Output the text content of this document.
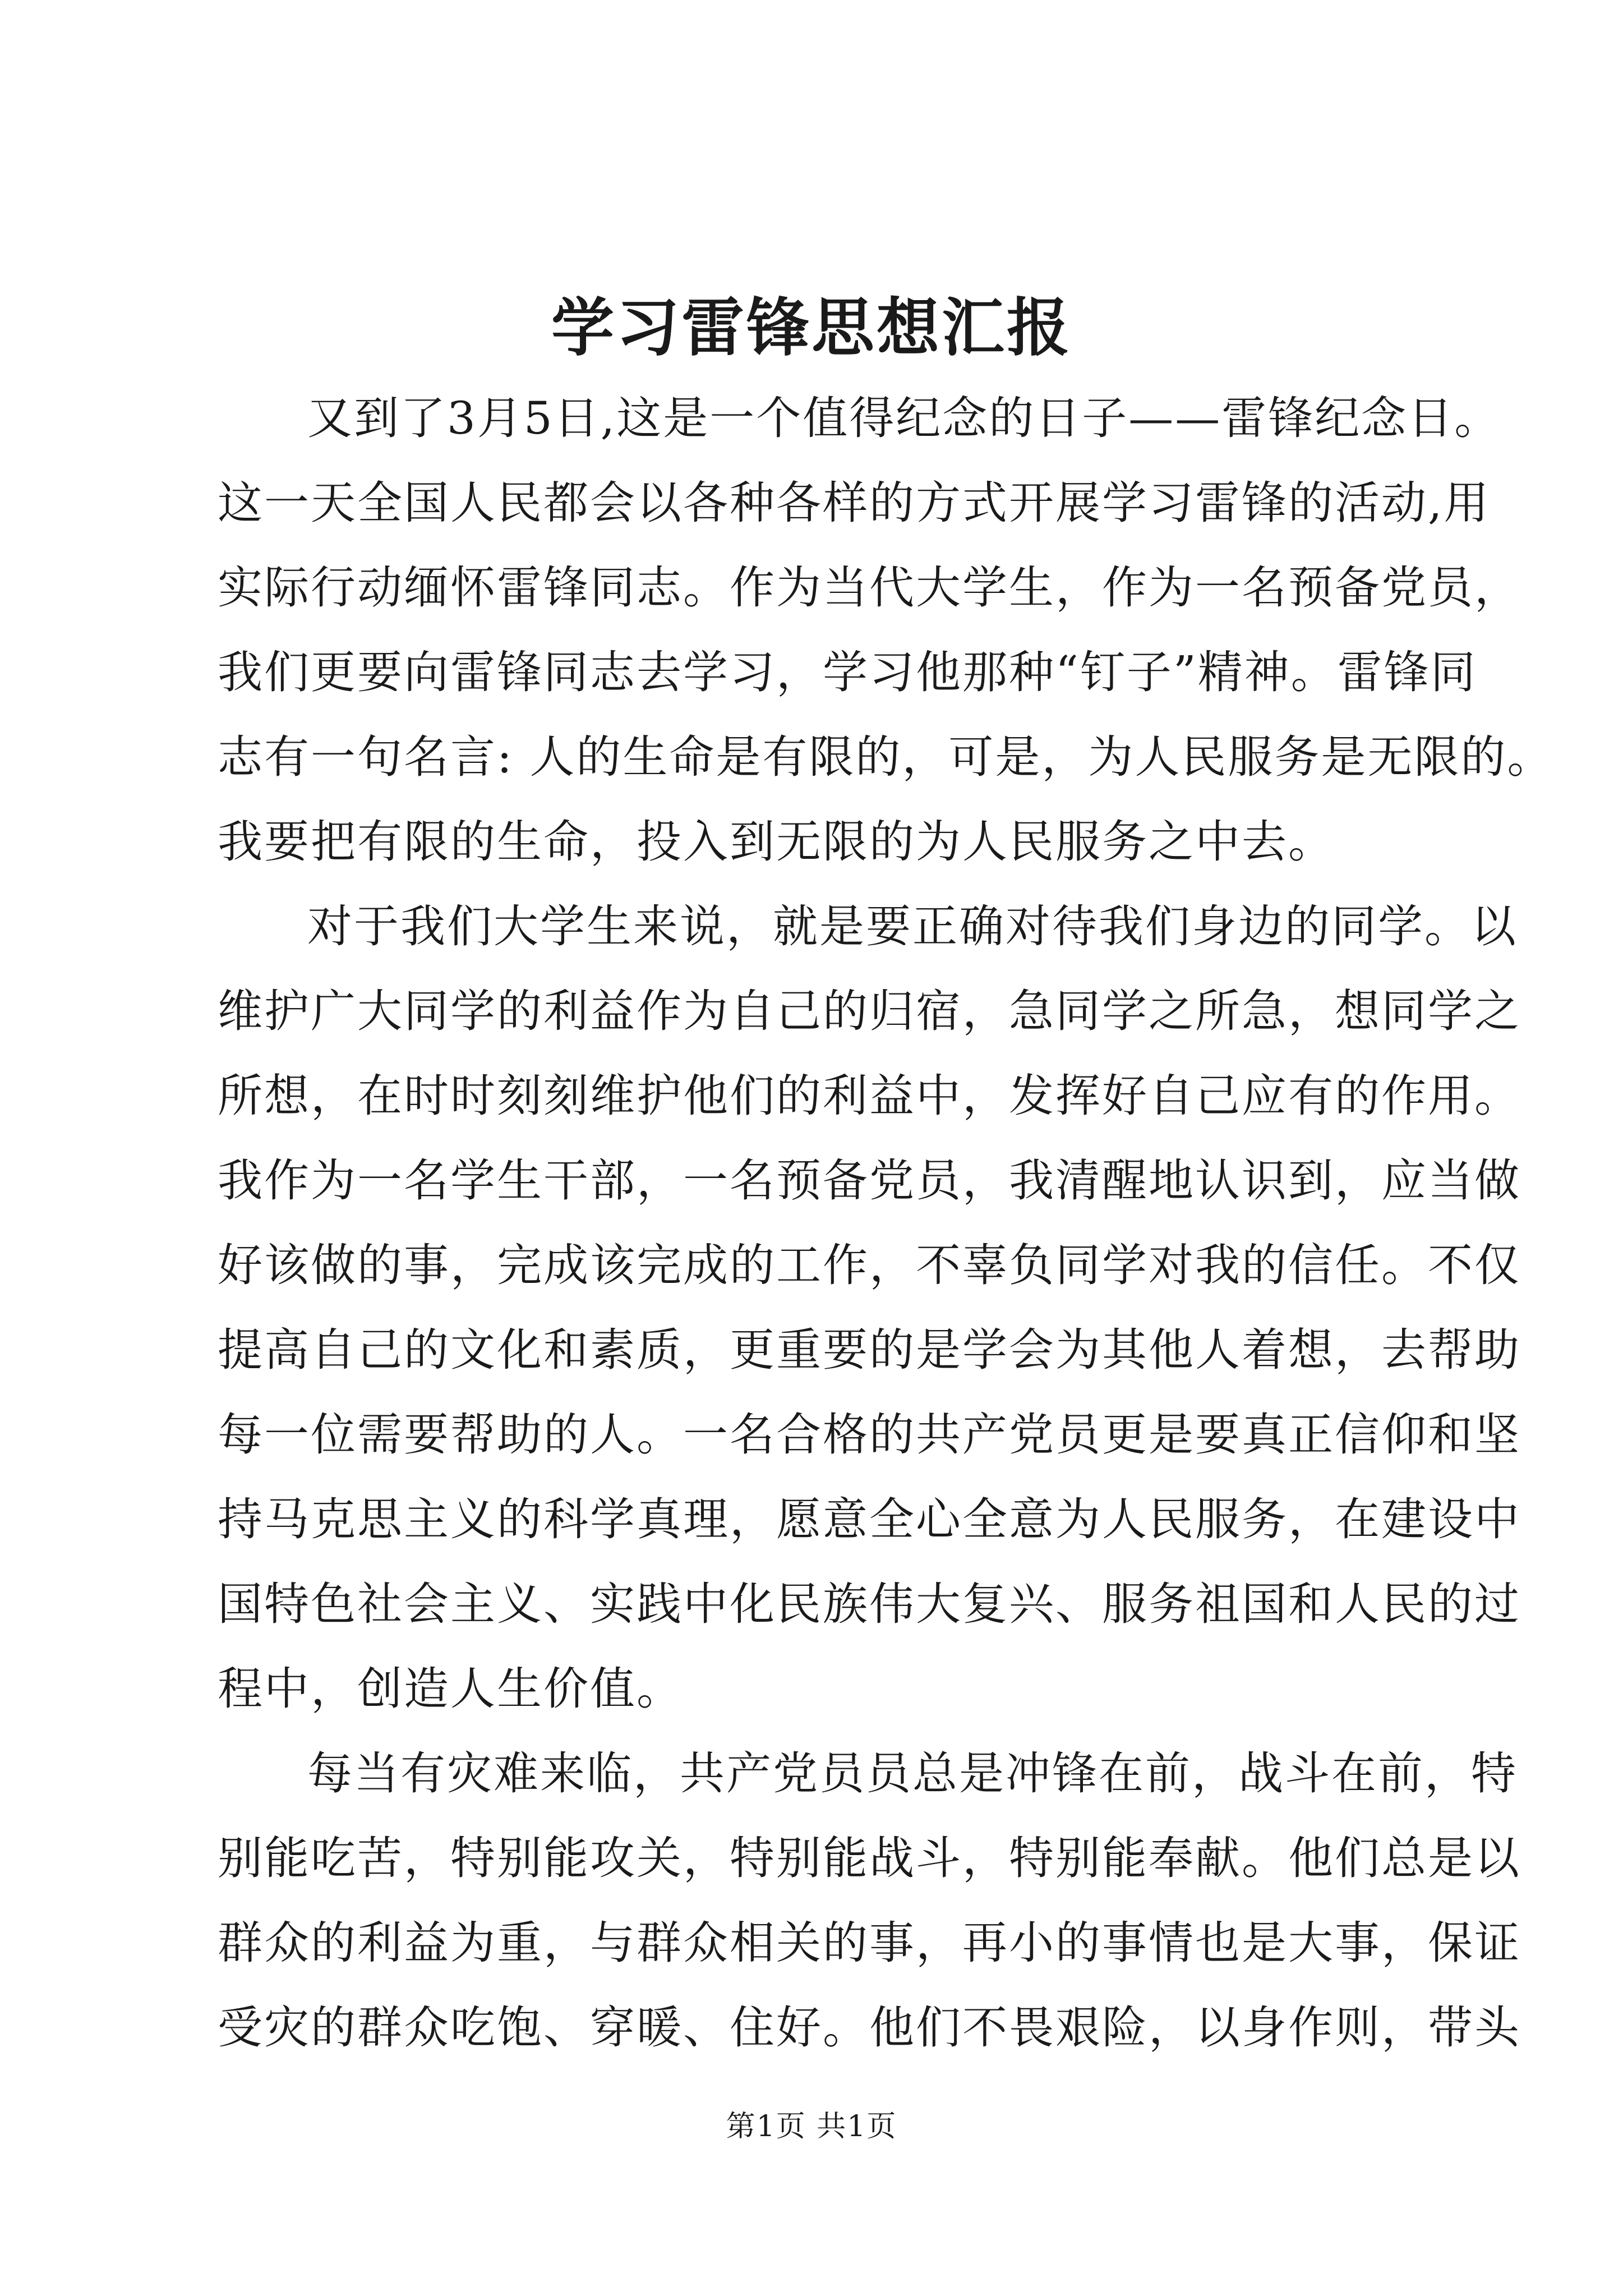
学习雷锋思想汇报
又到了3月5日,这是一个值得纪念的日子——雷锋纪念日。
这一天全国人民都会以各种各样的方式开展学习雷锋的活动,用
实际行动缅怀雷锋同志。作为当代大学生，作为一名预备党员，
我们更要向雷锋同志去学习，学习他那种“钉子”精神。雷锋同
志有一句名言: 人的生命是有限的，可是，为人民服务是无限的。
我要把有限的生命，投入到无限的为人民服务之中去。
对于我们大学生来说，就是要正确对待我们身边的同学。以
维护广大同学的利益作为自己的归宿，急同学之所急，想同学之
所想，在时时刻刻维护他们的利益中，发挥好自己应有的作用。
我作为一名学生干部，一名预备党员，我清醒地认识到，应当做
好该做的事，完成该完成的工作，不辜负同学对我的信任。不仅
提高自己的文化和素质，更重要的是学会为其他人着想，去帮助
每一位需要帮助的人。一名合格的共产党员更是要真正信仰和坚
持马克思主义的科学真理，愿意全心全意为人民服务，在建设中
国特色社会主义、实践中化民族伟大复兴、服务祖国和人民的过
程中，创造人生价值。
每当有灾难来临，共产党员员总是冲锋在前，战斗在前，特
别能吃苦，特别能攻关，特别能战斗，特别能奉献。他们总是以
群众的利益为重，与群众相关的事，再小的事情也是大事，保证
受灾的群众吃饱、穿暖、住好。他们不畏艰险，以身作则，带头
第1页 共1页
